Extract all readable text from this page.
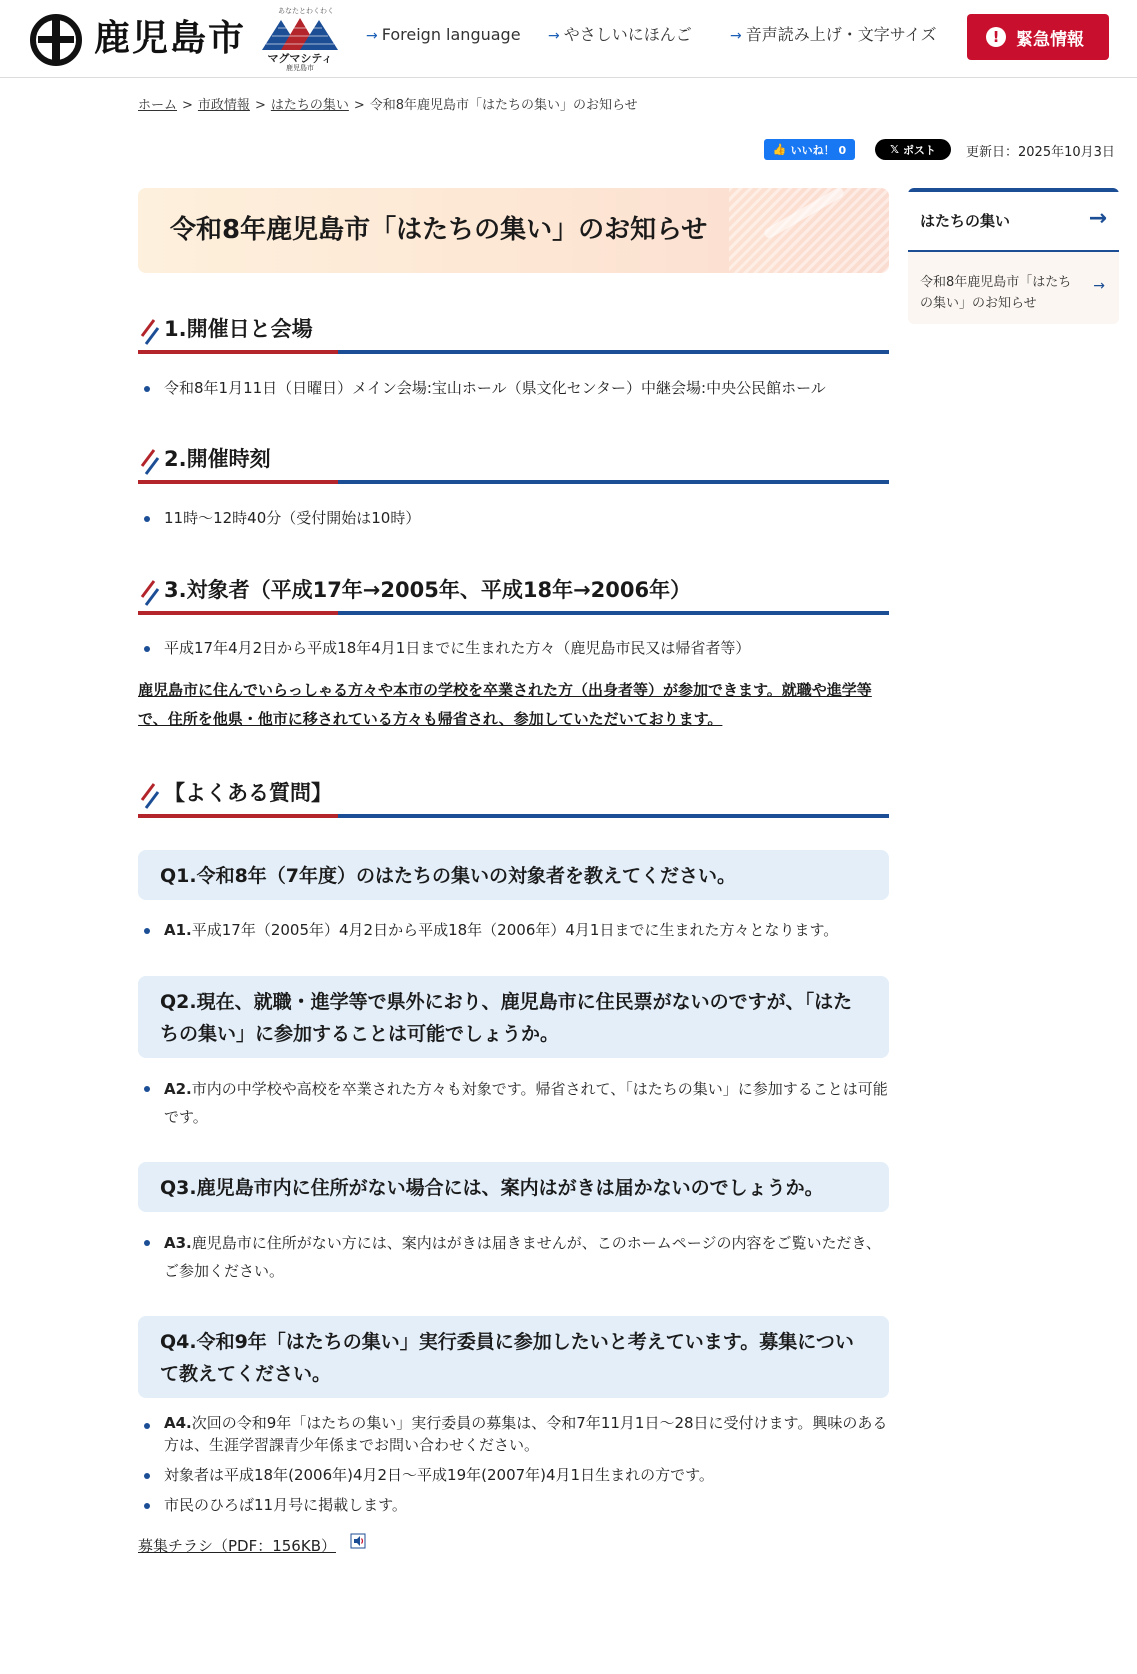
鹿児島市
あなたとわくわく
マグマシティ
鹿児島市
→ Foreign language → やさしいにほんご	→ 音声読み上げ・文字サイズ	! 緊急情報
ホーム > 市政情報 > はたちの集い > 令和8年鹿児島市「はたちの集い」のお知らせ
👍 いいね！ 0	𝕏 ポスト 更新日：2025年10月3日
令和8年鹿児島市「はたちの集い」のお知らせ
1.開催日と会場
令和8年1月11日（日曜日）メイン会場:宝山ホール（県文化センター）中継会場:中央公民館ホール
2.開催時刻
11時～12時40分（受付開始は10時）
3.対象者（平成17年→2005年、平成18年→2006年）
平成17年4月2日から平成18年4月1日までに生まれた方々（鹿児島市民又は帰省者等）
鹿児島市に住んでいらっしゃる方々や本市の学校を卒業された方（出身者等）が参加できます。就職や進学等で、住所を他県・他市に移されている方々も帰省され、参加していただいております。
【よくある質問】
Q1.令和8年（7年度）のはたちの集いの対象者を教えてください。
A1.平成17年（2005年）4月2日から平成18年（2006年）4月1日までに生まれた方々となります。
Q2.現在、就職・進学等で県外におり、鹿児島市に住民票がないのですが、「はたちの集い」に参加することは可能でしょうか。
A2.市内の中学校や高校を卒業された方々も対象です。帰省されて、「はたちの集い」に参加することは可能です。
Q3.鹿児島市内に住所がない場合には、案内はがきは届かないのでしょうか。
A3.鹿児島市に住所がない方には、案内はがきは届きませんが、このホームページの内容をご覧いただき、ご参加ください。
Q4.令和9年「はたちの集い」実行委員に参加したいと考えています。募集について教えてください。
A4.次回の令和9年「はたちの集い」実行委員の募集は、令和7年11月1日～28日に受付けます。興味のある方は、生涯学習課青少年係までお問い合わせください。
対象者は平成18年(2006年)4月2日～平成19年(2007年)4月1日生まれの方です。
市民のひろば11月号に掲載します。
募集チラシ（PDF：156KB）
はたちの集い	→
令和8年鹿児島市「はたちの集い」のお知らせ
→
